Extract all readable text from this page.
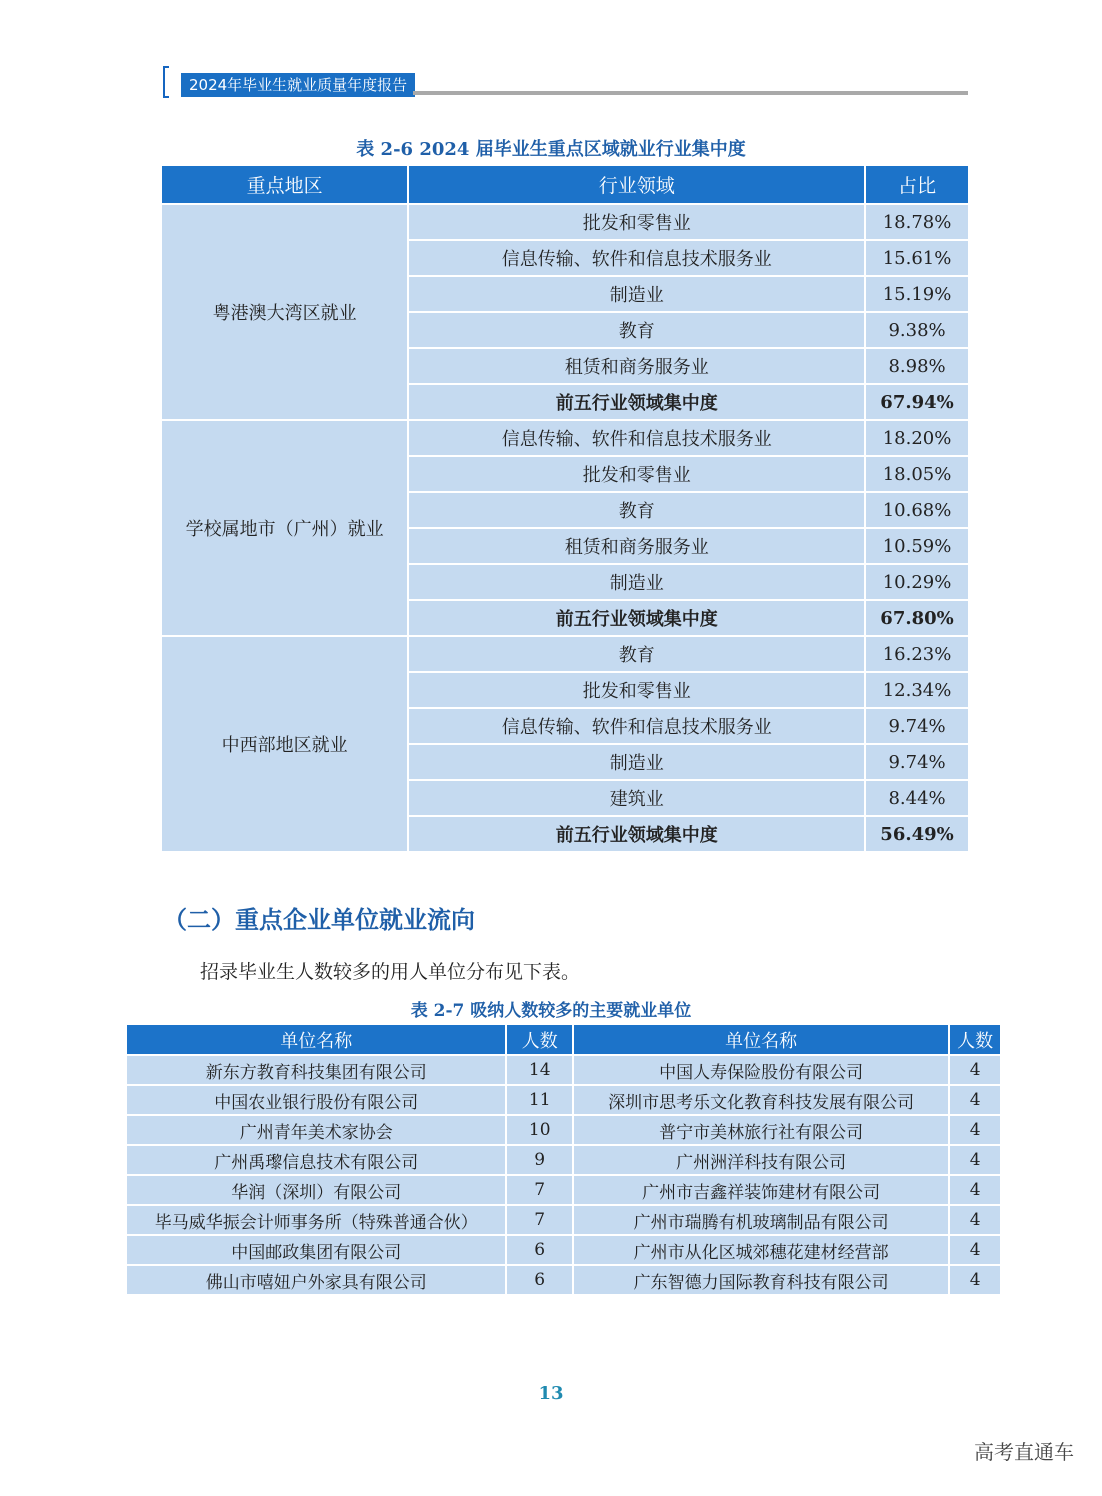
2024年毕业生就业质量年度报告
表 2-6 2024 届毕业生重点区域就业行业集中度
重点地区	行业领域	占比
粤港澳大湾区就业	批发和零售业	18.78%
	信息传输、软件和信息技术服务业	15.61%
	制造业	15.19%
	教育	9.38%
	租赁和商务服务业	8.98%
	前五行业领域集中度	67.94%
学校属地市（广州）就业	信息传输、软件和信息技术服务业	18.20%
	批发和零售业	18.05%
	教育	10.68%
	租赁和商务服务业	10.59%
	制造业	10.29%
	前五行业领域集中度	67.80%
中西部地区就业	教育	16.23%
	批发和零售业	12.34%
	信息传输、软件和信息技术服务业	9.74%
	制造业	9.74%
	建筑业	8.44%
	前五行业领域集中度	56.49%
（二）重点企业单位就业流向
招录毕业生人数较多的用人单位分布见下表。
表 2-7 吸纳人数较多的主要就业单位
单位名称	人数	单位名称	人数
新东方教育科技集团有限公司	14	中国人寿保险股份有限公司	4
中国农业银行股份有限公司	11	深圳市思考乐文化教育科技发展有限公司	4
广州青年美术家协会	10	普宁市美林旅行社有限公司	4
广州禹瓈信息技术有限公司	9	广州洲洋科技有限公司	4
华润（深圳）有限公司	7	广州市吉鑫祥装饰建材有限公司	4
毕马威华振会计师事务所（特殊普通合伙）	7	广州市瑞腾有机玻璃制品有限公司	4
中国邮政集团有限公司	6	广州市从化区城郊穗花建材经营部	4
佛山市嘻妞户外家具有限公司	6	广东智德力国际教育科技有限公司	4
13
高考直通车
